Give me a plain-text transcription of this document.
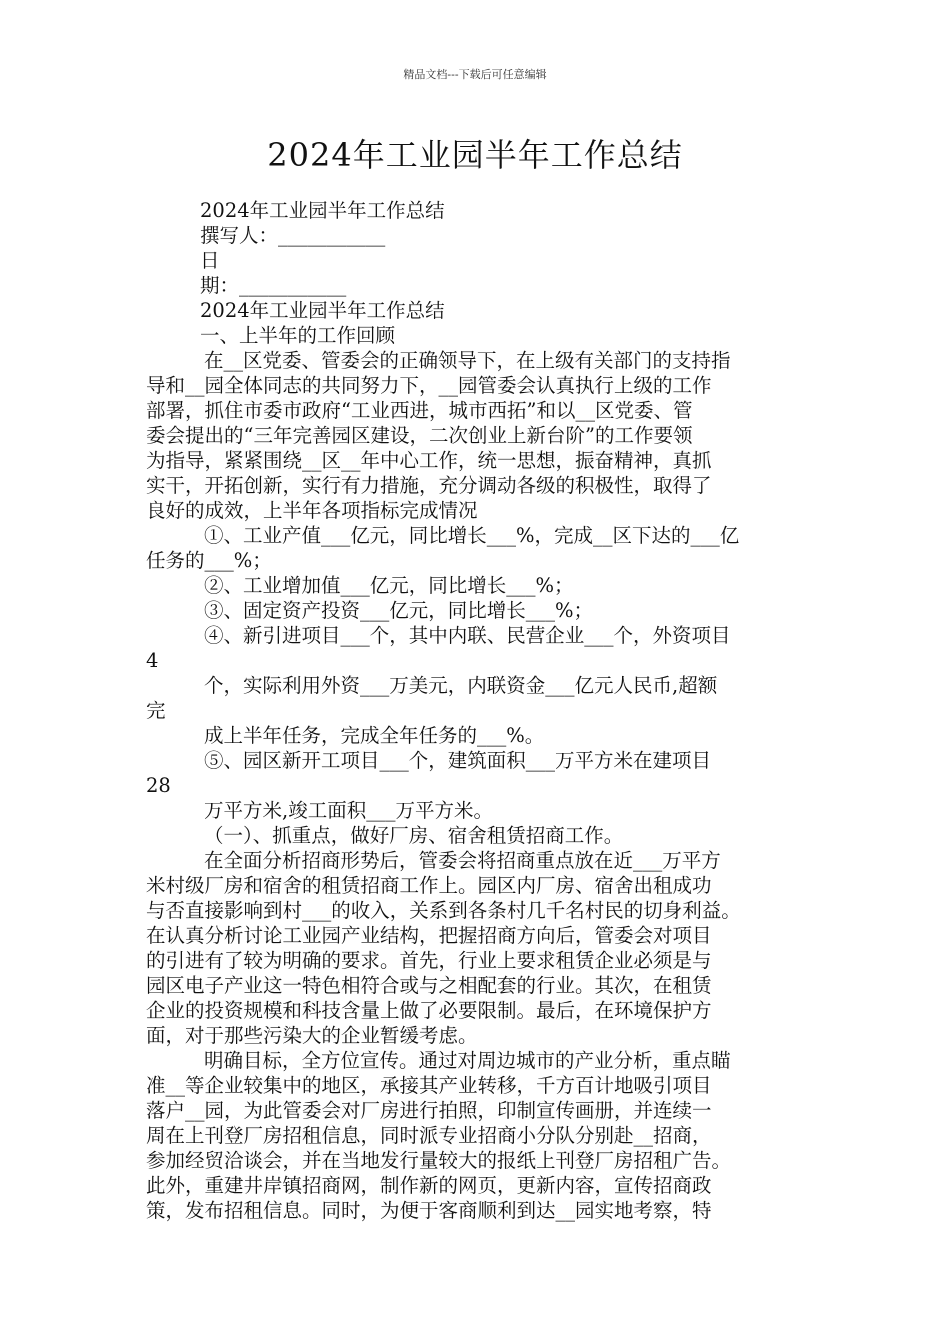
精品文档---下载后可任意编辑
2024年工业园半年工作总结
2024年工业园半年工作总结
撰写人：___________
日
期：___________
2024年工业园半年工作总结
一、上半年的工作回顾
在__区党委、管委会的正确领导下，在上级有关部门的支持指
导和__园全体同志的共同努力下，__园管委会认真执行上级的工作
部署，抓住市委市政府“工业西进，城市西拓”和以__区党委、管
委会提出的“三年完善园区建设，二次创业上新台阶”的工作要领
为指导，紧紧围绕__区__年中心工作，统一思想，振奋精神，真抓
实干，开拓创新，实行有力措施，充分调动各级的积极性，取得了
良好的成效，上半年各项指标完成情况
①、工业产值___亿元，同比增长___%，完成__区下达的___亿
任务的___%；
②、工业增加值___亿元，同比增长___%；
③、固定资产投资___亿元，同比增长___%；
④、新引进项目___个，其中内联、民营企业___个，外资项目
4
个，实际利用外资___万美元，内联资金___亿元人民币,超额
完
成上半年任务，完成全年任务的___%。
⑤、园区新开工项目___个，建筑面积___万平方米在建项目
28
万平方米,竣工面积___万平方米。
（一）、抓重点，做好厂房、宿舍租赁招商工作。
在全面分析招商形势后，管委会将招商重点放在近___万平方
米村级厂房和宿舍的租赁招商工作上。园区内厂房、宿舍出租成功
与否直接影响到村___的收入，关系到各条村几千名村民的切身利益。
在认真分析讨论工业园产业结构，把握招商方向后，管委会对项目
的引进有了较为明确的要求。首先，行业上要求租赁企业必须是与
园区电子产业这一特色相符合或与之相配套的行业。其次，在租赁
企业的投资规模和科技含量上做了必要限制。最后，在环境保护方
面，对于那些污染大的企业暂缓考虑。
明确目标，全方位宣传。通过对周边城市的产业分析，重点瞄
准__等企业较集中的地区，承接其产业转移，千方百计地吸引项目
落户__园，为此管委会对厂房进行拍照，印制宣传画册，并连续一
周在上刊登厂房招租信息，同时派专业招商小分队分别赴__招商，
参加经贸洽谈会，并在当地发行量较大的报纸上刊登厂房招租广告。
此外，重建井岸镇招商网，制作新的网页，更新内容，宣传招商政
策，发布招租信息。同时，为便于客商顺利到达__园实地考察，特
